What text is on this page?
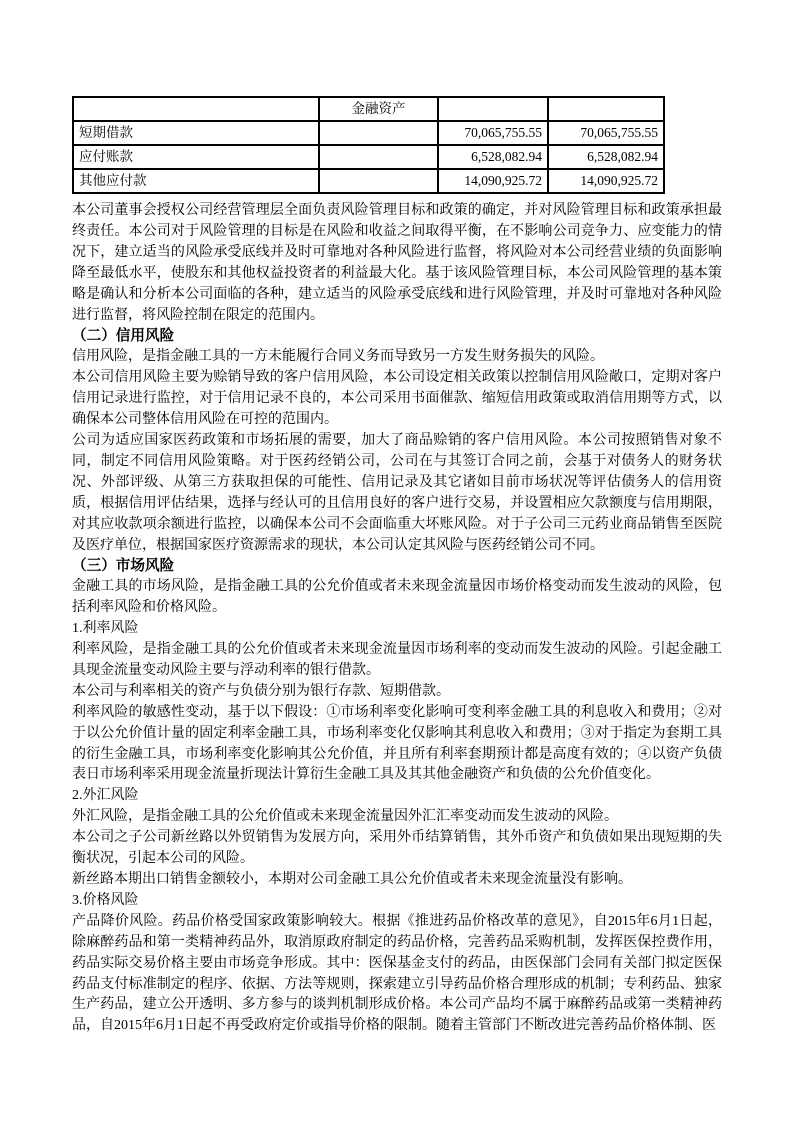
	金融资产		
短期借款		70,065,755.55	70,065,755.55
应付账款		6,528,082.94	6,528,082.94
其他应付款		14,090,925.72	14,090,925.72

本公司董事会授权公司经营管理层全面负责风险管理目标和政策的确定，并对风险管理目标和政策承担最终责任。本公司对于风险管理的目标是在风险和收益之间取得平衡，在不影响公司竞争力、应变能力的情况下，建立适当的风险承受底线并及时可靠地对各种风险进行监督，将风险对本公司经营业绩的负面影响降至最低水平，使股东和其他权益投资者的利益最大化。基于该风险管理目标，本公司风险管理的基本策略是确认和分析本公司面临的各种，建立适当的风险承受底线和进行风险管理，并及时可靠地对各种风险进行监督，将风险控制在限定的范围内。

（二）信用风险

信用风险，是指金融工具的一方未能履行合同义务而导致另一方发生财务损失的风险。

本公司信用风险主要为赊销导致的客户信用风险，本公司设定相关政策以控制信用风险敞口，定期对客户信用记录进行监控，对于信用记录不良的，本公司采用书面催款、缩短信用政策或取消信用期等方式，以确保本公司整体信用风险在可控的范围内。

公司为适应国家医药政策和市场拓展的需要，加大了商品赊销的客户信用风险。本公司按照销售对象不同，制定不同信用风险策略。对于医药经销公司，公司在与其签订合同之前，会基于对债务人的财务状况、外部评级、从第三方获取担保的可能性、信用记录及其它诸如目前市场状况等评估债务人的信用资质，根据信用评估结果，选择与经认可的且信用良好的客户进行交易，并设置相应欠款额度与信用期限，对其应收款项余额进行监控，以确保本公司不会面临重大坏账风险。对于子公司三元药业商品销售至医院及医疗单位，根据国家医疗资源需求的现状，本公司认定其风险与医药经销公司不同。

（三）市场风险

金融工具的市场风险，是指金融工具的公允价值或者未来现金流量因市场价格变动而发生波动的风险，包括利率风险和价格风险。

1.利率风险

利率风险，是指金融工具的公允价值或者未来现金流量因市场利率的变动而发生波动的风险。引起金融工具现金流量变动风险主要与浮动利率的银行借款。

本公司与利率相关的资产与负债分别为银行存款、短期借款。

利率风险的敏感性变动，基于以下假设：①市场利率变化影响可变利率金融工具的利息收入和费用；②对于以公允价值计量的固定利率金融工具，市场利率变化仅影响其利息收入和费用；③对于指定为套期工具的衍生金融工具，市场利率变化影响其公允价值，并且所有利率套期预计都是高度有效的；④以资产负债表日市场利率采用现金流量折现法计算衍生金融工具及其其他金融资产和负债的公允价值变化。

2.外汇风险

外汇风险，是指金融工具的公允价值或未来现金流量因外汇汇率变动而发生波动的风险。

本公司之子公司新丝路以外贸销售为发展方向，采用外币结算销售，其外币资产和负债如果出现短期的失衡状况，引起本公司的风险。

新丝路本期出口销售金额较小，本期对公司金融工具公允价值或者未来现金流量没有影响。

3.价格风险

产品降价风险。药品价格受国家政策影响较大。根据《推进药品价格改革的意见》，自2015年6月1日起，除麻醉药品和第一类精神药品外，取消原政府制定的药品价格，完善药品采购机制，发挥医保控费作用，药品实际交易价格主要由市场竞争形成。其中：医保基金支付的药品，由医保部门会同有关部门拟定医保药品支付标准制定的程序、依据、方法等规则，探索建立引导药品价格合理形成的机制；专利药品、独家生产药品，建立公开透明、多方参与的谈判机制形成价格。本公司产品均不属于麻醉药品或第一类精神药品，自2015年6月1日起不再受政府定价或指导价格的限制。随着主管部门不断改进完善药品价格体制、医
